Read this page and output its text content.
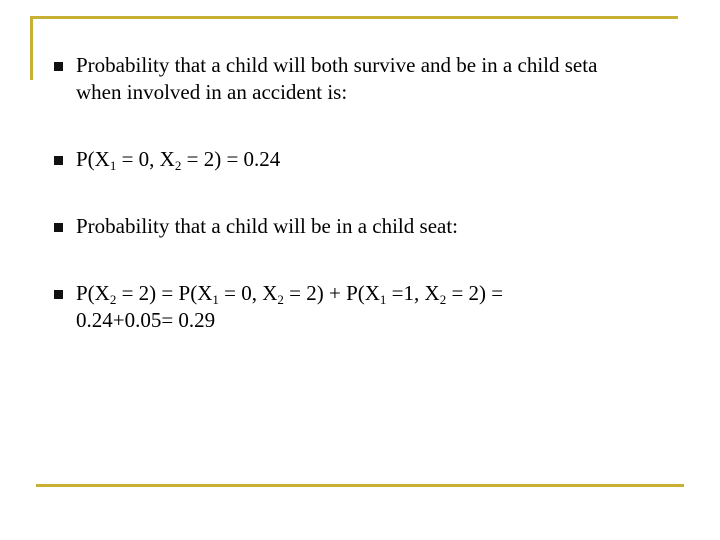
Probability that a child will both survive and be in a child seta
when involved in an accident is:
$P(X_1 = 0$, $X_2 = 2) = 0.24$
Probability that a child will be in a child seat:
$P(X_2 = 2) = P(X_1 = 0$, $X_2 = 2) + P(X_1 =1$, $X_2 = 2$) =
0.24+0.05= 0.29
